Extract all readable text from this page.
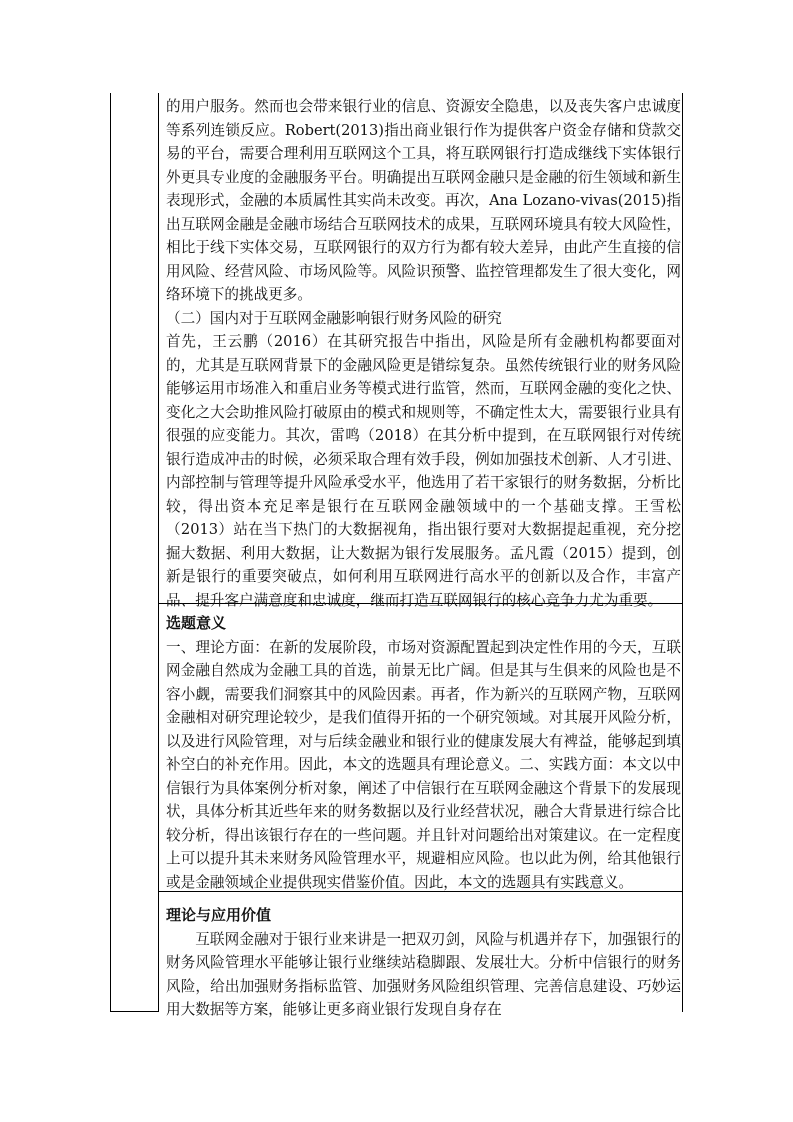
的用户服务。然而也会带来银行业的信息、资源安全隐患，以及丧失客户忠诚度等系列连锁反应。Robert(2013)指出商业银行作为提供客户资金存储和贷款交易的平台，需要合理利用互联网这个工具，将互联网银行打造成继线下实体银行外更具专业度的金融服务平台。明确提出互联网金融只是金融的衍生领域和新生表现形式，金融的本质属性其实尚未改变。再次，Ana Lozano-vivas(2015)指出互联网金融是金融市场结合互联网技术的成果，互联网环境具有较大风险性，相比于线下实体交易，互联网银行的双方行为都有较大差异，由此产生直接的信用风险、经营风险、市场风险等。风险识预警、监控管理都发生了很大变化，网络环境下的挑战更多。

（二）国内对于互联网金融影响银行财务风险的研究

首先，王云鹏（2016）在其研究报告中指出，风险是所有金融机构都要面对的，尤其是互联网背景下的金融风险更是错综复杂。虽然传统银行业的财务风险能够运用市场准入和重启业务等模式进行监管，然而，互联网金融的变化之快、变化之大会助推风险打破原由的模式和规则等，不确定性太大，需要银行业具有很强的应变能力。其次，雷鸣（2018）在其分析中提到，在互联网银行对传统银行造成冲击的时候，必须采取合理有效手段，例如加强技术创新、人才引进、内部控制与管理等提升风险承受水平，他选用了若干家银行的财务数据，分析比较，得出资本充足率是银行在互联网金融领域中的一个基础支撑。王雪松（2013）站在当下热门的大数据视角，指出银行要对大数据提起重视，充分挖掘大数据、利用大数据，让大数据为银行发展服务。孟凡霞（2015）提到，创新是银行的重要突破点，如何利用互联网进行高水平的创新以及合作，丰富产品、提升客户满意度和忠诚度，继而打造互联网银行的核心竞争力尤为重要。

选题意义

一、理论方面：在新的发展阶段，市场对资源配置起到决定性作用的今天，互联网金融自然成为金融工具的首选，前景无比广阔。但是其与生俱来的风险也是不容小觑，需要我们洞察其中的风险因素。再者，作为新兴的互联网产物，互联网金融相对研究理论较少，是我们值得开拓的一个研究领域。对其展开风险分析，以及进行风险管理，对与后续金融业和银行业的健康发展大有裨益，能够起到填补空白的补充作用。因此，本文的选题具有理论意义。二、实践方面：本文以中信银行为具体案例分析对象，阐述了中信银行在互联网金融这个背景下的发展现状，具体分析其近些年来的财务数据以及行业经营状况，融合大背景进行综合比较分析，得出该银行存在的一些问题。并且针对问题给出对策建议。在一定程度上可以提升其未来财务风险管理水平，规避相应风险。也以此为例，给其他银行或是金融领域企业提供现实借鉴价值。因此，本文的选题具有实践意义。

理论与应用价值

互联网金融对于银行业来讲是一把双刃剑，风险与机遇并存下，加强银行的财务风险管理水平能够让银行业继续站稳脚跟、发展壮大。分析中信银行的财务风险，给出加强财务指标监管、加强财务风险组织管理、完善信息建设、巧妙运用大数据等方案，能够让更多商业银行发现自身存在
